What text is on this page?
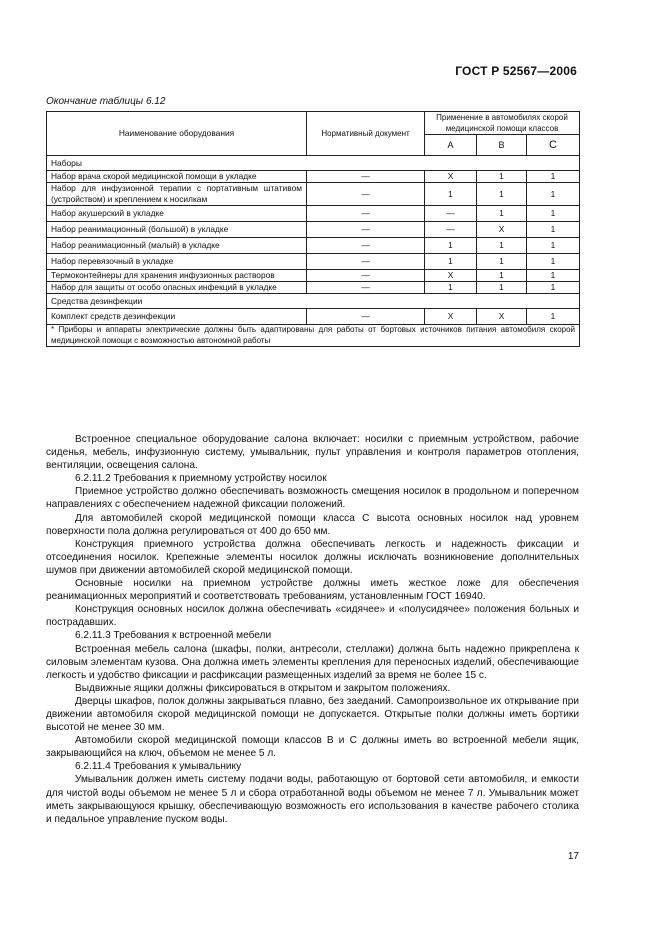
ГОСТ Р 52567—2006
Окончание таблицы 6.12
Наименование оборудования	Нормативный документ	Применение в автомобилях скорой медицинской помощи классов		
		А	В	С
Наборы				
Набор врача скорой медицинской помощи в укладке	—	Х	1	1
Набор для инфузионной терапии с портативным штативом (устройством) и креплением к носилкам	—	1	1	1
Набор акушерский в укладке	—	—	1	1
Набор реанимационный (большой) в укладке	—	—	Х	1
Набор реанимационный (малый) в укладке	—	1	1	1
Набор перевязочный в укладке	—	1	1	1
Термоконтейнеры для хранения инфузионных растворов	—	Х	1	1
Набор для защиты от особо опасных инфекций в укладке	—	1	1	1
Средства дезинфекции				
Комплект средств дезинфекции	—	Х	Х	1
* Приборы и аппараты электрические должны быть адаптированы для работы от бортовых источников питания автомобиля скорой медицинской помощи с возможностью автономной работы				

Встроенное специальное оборудование салона включает: носилки с приемным устройством, рабочие сиденья, мебель, инфузионную систему, умывальник, пульт управления и контроля параметров отопления, вентиляции, освещения салона.

6.2.11.2 Требования к приемному устройству носилок

Приемное устройство должно обеспечивать возможность смещения носилок в продольном и поперечном направлениях с обеспечением надежной фиксации положений.

Для автомобилей скорой медицинской помощи класса С высота основных носилок над уровнем поверхности пола должна регулироваться от 400 до 650 мм.

Конструкция приемного устройства должна обеспечивать легкость и надежность фиксации и отсоединения носилок. Крепежные элементы носилок должны исключать возникновение дополнительных шумов при движении автомобилей скорой медицинской помощи.

Основные носилки на приемном устройстве должны иметь жесткое ложе для обеспечения реанимационных мероприятий и соответствовать требованиям, установленным ГОСТ 16940.

Конструкция основных носилок должна обеспечивать «сидячее» и «полусидячее» положения больных и пострадавших.

6.2.11.3 Требования к встроенной мебели

Встроенная мебель салона (шкафы, полки, антресоли, стеллажи) должна быть надежно прикреплена к силовым элементам кузова. Она должна иметь элементы крепления для переносных изделий, обеспечивающие легкость и удобство фиксации и расфиксации размещенных изделий за время не более 15 с.

Выдвижные ящики должны фиксироваться в открытом и закрытом положениях.

Дверцы шкафов, полок должны закрываться плавно, без заеданий. Самопроизвольное их открывание при движении автомобиля скорой медицинской помощи не допускается. Открытые полки должны иметь бортики высотой не менее 30 мм.

Автомобили скорой медицинской помощи классов В и С должны иметь во встроенной мебели ящик, закрывающийся на ключ, объемом не менее 5 л.

6.2.11.4 Требования к умывальнику

Умывальник должен иметь систему подачи воды, работающую от бортовой сети автомобиля, и емкости для чистой воды объемом не менее 5 л и сбора отработанной воды объемом не менее 7 л. Умывальник может иметь закрывающуюся крышку, обеспечивающую возможность его использования в качестве рабочего столика и педальное управление пуском воды.

17
